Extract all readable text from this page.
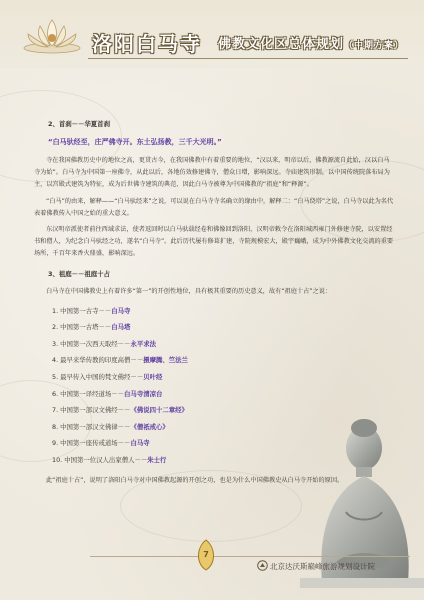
洛阳白马寺 佛教文化区总体规划（中期方案）
2、首刹－－华夏首刹
“白马驮经至，庄严佛寺开。东土弘扬教，三千大光明。”

寺在我国佛教历史中的地位之高，更贯古今，在我国佛教中有着重要的地位，“汉以来，明帝以后，佛教源流自此始，汉以白马寺为始”。白马寺为中国第一座佛寺，从此以后，各地仿效修建佛寺，僧众日增，影响深远。寺庙建筑形制，以中国传统院落布局为主，以宫殿式建筑为特征，成为后世佛寺建筑的典范，因此白马寺被尊为中国佛教的“祖庭”和“释源”。

“白马”的由来，解释——“白马驮经来”之说，可以说在白马寺寺名确立的缘由中，解释二：“白马绕塔”之说，白马寺以此为名代表着佛教传入中国之始的重大意义。

东汉明帝派使者前往西域求法，使者返回时以白马驮载经卷和佛像回到洛阳，汉明帝敕令在洛阳城西雍门外修建寺院，以安置经书和僧人，为纪念白马驮经之功，遂名“白马寺”。此后历代屡有修葺扩建，寺院规模宏大，殿宇巍峨，成为中外佛教文化交流的重要场所，千百年来香火鼎盛，影响深远。

3、祖庭－－祖庭十占

白马寺在中国佛教史上有着许多“第一”的开创性地位，具有极其重要的历史意义，故有“祖庭十占”之说：

1. 中国第一古寺－－白马寺
2. 中国第一古塔－－白马塔
3. 中国第一次西天取经－－永平求法
4. 最早来华传教的印度高僧－－摄摩腾、竺法兰
5. 最早传入中国的梵文佛经－－贝叶经
6. 中国第一译经道场－－白马寺清凉台
7. 中国第一部汉文佛经－－《佛说四十二章经》
8. 中国第一部汉文佛律－－《僧祇戒心》
9. 中国第一座传戒道场－－白马寺
10. 中国第一位汉人出家僧人－－朱士行

此“祖庭十占”，说明了洛阳白马寺对中国佛教起源的开创之功，也是为什么中国佛教史从白马寺开始的原因。

7
北京达沃斯巅峰旅游规划设计院
